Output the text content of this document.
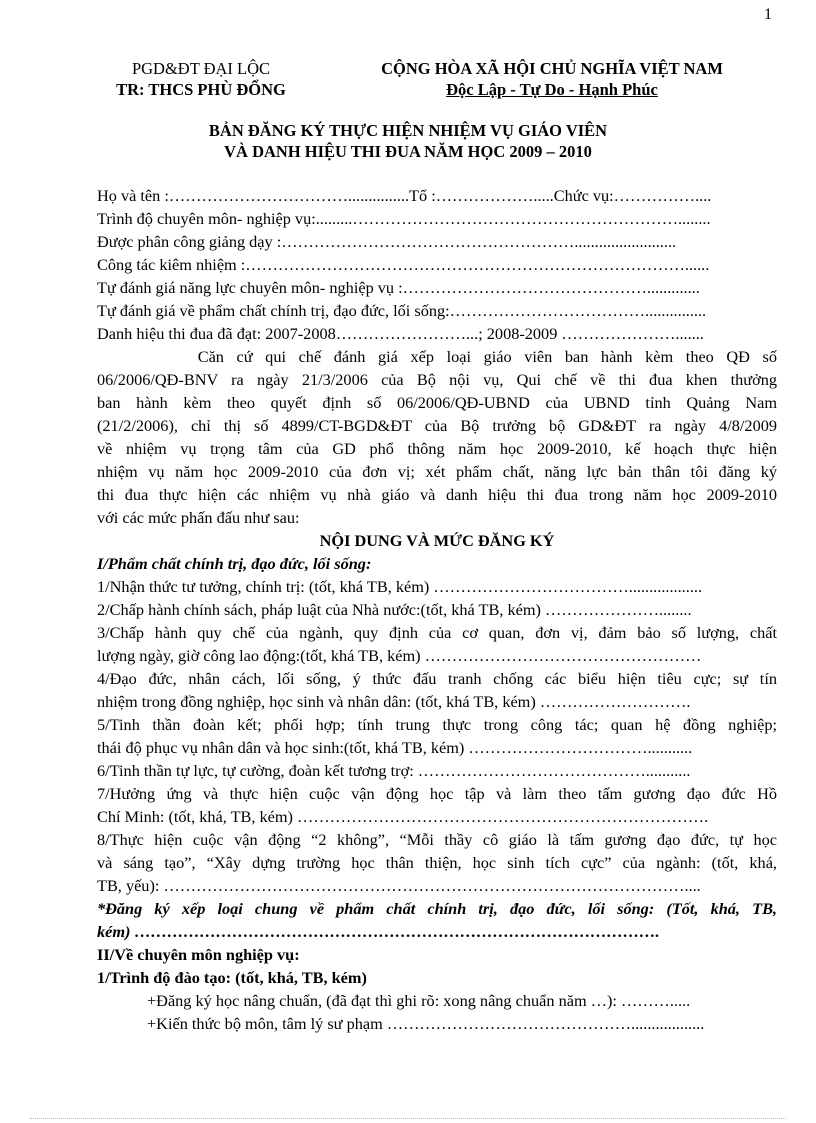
1
PGD&ĐT ĐẠI LỘC
TR: THCS PHÙ ĐỔNG
CỘNG HÒA XÃ HỘI CHỦ NGHĨA VIỆT NAM
Độc Lập - Tự Do - Hạnh Phúc
BẢN ĐĂNG KÝ THỰC HIỆN NHIỆM VỤ GIÁO VIÊN
VÀ DANH HIỆU THI ĐUA NĂM HỌC 2009 – 2010
Họ và tên :……………………………...............Tổ :……………….....Chức vụ:……………....
Trình độ chuyên môn- nghiệp vụ:.........……………………………………………………........
Được phân công giảng dạy :……………………………………………….........................
Công tác kiêm nhiệm :………………………………………………………………………......
Tự đánh giá năng lực chuyên môn- nghiệp vụ :……………………………………….............
Tự đánh giá về phẩm chất chính trị, đạo đức, lối sống:………………………………...............
Danh hiệu thi đua đã đạt: 2007-2008……………………...; 2008-2009 ………………….......
Căn cứ qui chế đánh giá xếp loại giáo viên ban hành kèm theo QĐ số
06/2006/QĐ-BNV ra ngày 21/3/2006 của Bộ nội vụ, Qui chế về thi đua khen thưởng
ban hành kèm theo quyết định số 06/2006/QĐ-UBND của UBND tỉnh Quảng Nam
(21/2/2006), chỉ thị số 4899/CT-BGD&ĐT của Bộ trưởng bộ GD&ĐT ra ngày 4/8/2009
về nhiệm vụ trọng tâm của GD phổ thông năm học 2009-2010, kế hoạch thực hiện
nhiệm vụ năm học 2009-2010 của đơn vị; xét phẩm chất, năng lực bản thân tôi đăng ký
thi đua thực hiện các nhiệm vụ nhà giáo và danh hiệu thi đua trong năm học 2009-2010
với các mức phấn đấu như sau:
NỘI DUNG VÀ MỨC ĐĂNG KÝ
I/Phẩm chất chính trị, đạo đức, lối sống:
1/Nhận thức tư tưởng, chính trị: (tốt, khá TB, kém) ………………………………..................
2/Chấp hành chính sách, pháp luật của Nhà nước:(tốt, khá TB, kém) …………………........
3/Chấp hành quy chế của ngành, quy định của cơ quan, đơn vị, đảm bảo số lượng, chất
lượng ngày, giờ công lao động:(tốt, khá TB, kém) ……………………………………………
4/Đạo đức, nhân cách, lối sống, ý thức đấu tranh chống các biểu hiện tiêu cực; sự tín
nhiệm trong đồng nghiệp, học sinh và nhân dân: (tốt, khá TB, kém) ……………………….
5/Tinh thần đoàn kết; phối hợp; tính trung thực trong công tác; quan hệ đồng nghiệp;
thái độ phục vụ nhân dân và học sinh:(tốt, khá TB, kém) ……………………………...........
6/Tinh thần tự lực, tự cường, đoàn kết tương trợ: ……………………………………...........
7/Hưởng ứng và thực hiện cuộc vận động học tập và làm theo tấm gương đạo đức Hồ
Chí Minh: (tốt, khá, TB, kém) ………………………………………………………………….
8/Thực hiện cuộc vận động “2 không”, “Mỗi thầy cô giáo là tấm gương đạo đức, tự học
và sáng tạo”, “Xây dựng trường học thân thiện, học sinh tích cực” của ngành: (tốt, khá,
TB, yếu): ……………………………………………………………………………………....
*Đăng ký xếp loại chung về phẩm chất chính trị, đạo đức, lối sống: (Tốt, khá, TB,
kém) …………………………………………………………………………………….
II/Về chuyên môn nghiệp vụ:
1/Trình độ đào tạo: (tốt, khá, TB, kém)
+Đăng ký học nâng chuẩn, (đã đạt thì ghi rõ: xong nâng chuẩn năm …): ……….....
+Kiến thức bộ môn, tâm lý sư phạm ………………………………………..................
